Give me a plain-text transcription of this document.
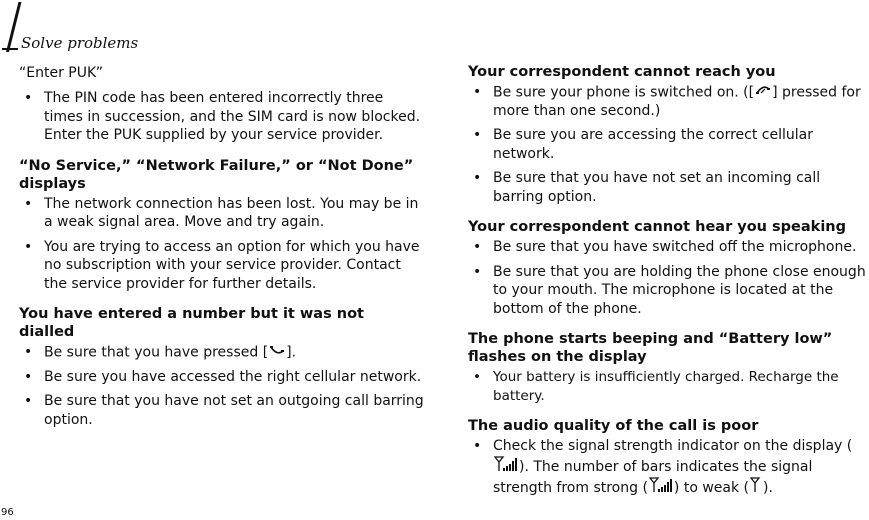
Solve problems

“Enter PUK”

• The PIN code has been entered incorrectly three times in succession, and the SIM card is now blocked. Enter the PUK supplied by your service provider.
“No Service,” “Network Failure,” or “Not Done” displays
• The network connection has been lost. You may be in a weak signal area. Move and try again.
• You are trying to access an option for which you have no subscription with your service provider. Contact the service provider for further details.
You have entered a number but it was not dialled
• Be sure that you have pressed [ ].
• Be sure you have accessed the right cellular network.
• Be sure that you have not set an outgoing call barring option.
Your correspondent cannot reach you
• Be sure your phone is switched on. ([ ] pressed for more than one second.)
• Be sure you are accessing the correct cellular network.
• Be sure that you have not set an incoming call barring option.
Your correspondent cannot hear you speaking
• Be sure that you have switched off the microphone.
• Be sure that you are holding the phone close enough to your mouth. The microphone is located at the bottom of the phone.
The phone starts beeping and “Battery low” flashes on the display
• Your battery is insufficiently charged. Recharge the battery.
The audio quality of the call is poor
• Check the signal strength indicator on the display (). The number of bars indicates the signal strength from strong ( ) to weak ( ).
96
